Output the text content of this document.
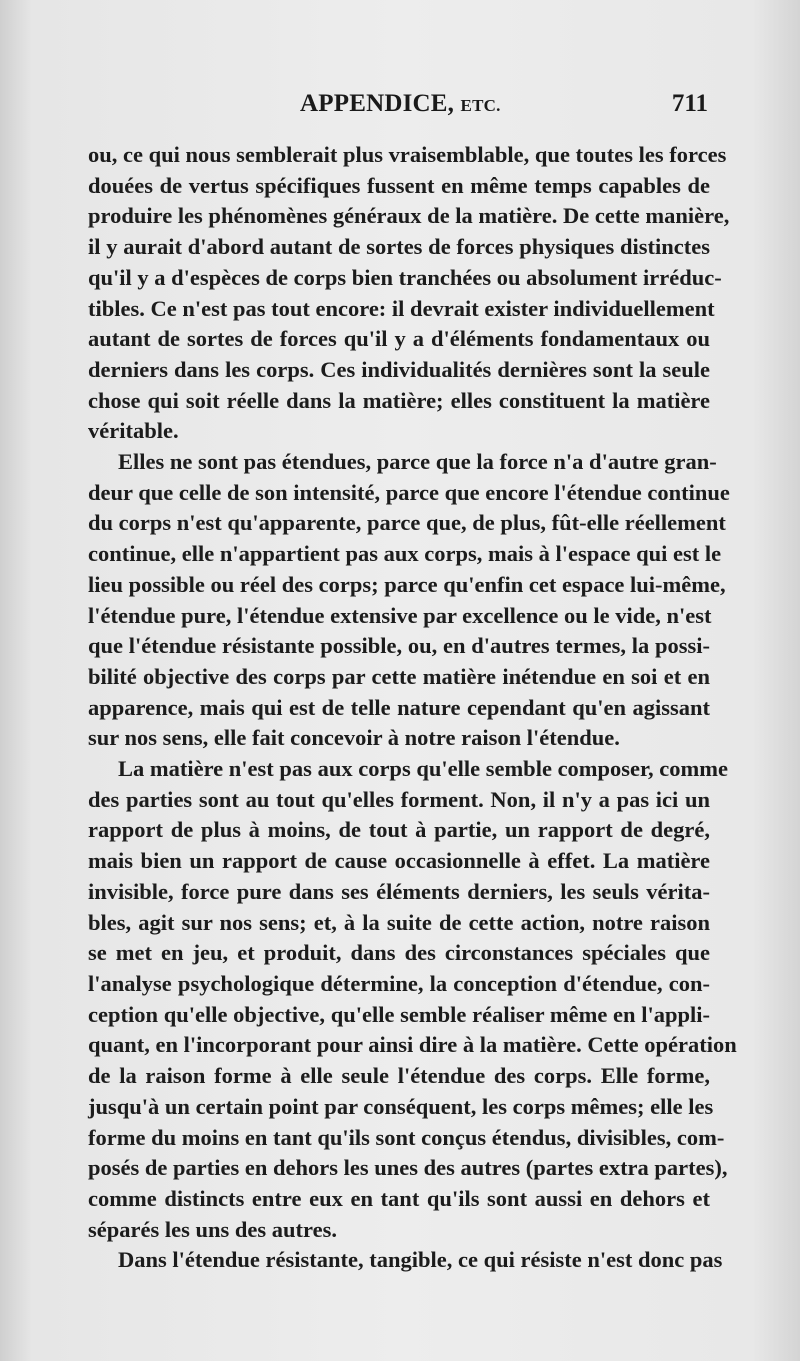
APPENDICE, ETC.	711
ou, ce qui nous semblerait plus vraisemblable, que toutes les forces
douées de vertus spécifiques fussent en même temps capables de
produire les phénomènes généraux de la matière. De cette manière,
il y aurait d'abord autant de sortes de forces physiques distinctes
qu'il y a d'espèces de corps bien tranchées ou absolument irréduc-
tibles. Ce n'est pas tout encore: il devrait exister individuellement
autant de sortes de forces qu'il y a d'éléments fondamentaux ou
derniers dans les corps. Ces individualités dernières sont la seule
chose qui soit réelle dans la matière; elles constituent la matière
véritable.
Elles ne sont pas étendues, parce que la force n'a d'autre gran-
deur que celle de son intensité, parce que encore l'étendue continue
du corps n'est qu'apparente, parce que, de plus, fût-elle réellement
continue, elle n'appartient pas aux corps, mais à l'espace qui est le
lieu possible ou réel des corps; parce qu'enfin cet espace lui-même,
l'étendue pure, l'étendue extensive par excellence ou le vide, n'est
que l'étendue résistante possible, ou, en d'autres termes, la possi-
bilité objective des corps par cette matière inétendue en soi et en
apparence, mais qui est de telle nature cependant qu'en agissant
sur nos sens, elle fait concevoir à notre raison l'étendue.
La matière n'est pas aux corps qu'elle semble composer, comme
des parties sont au tout qu'elles forment. Non, il n'y a pas ici un
rapport de plus à moins, de tout à partie, un rapport de degré,
mais bien un rapport de cause occasionnelle à effet. La matière
invisible, force pure dans ses éléments derniers, les seuls vérita-
bles, agit sur nos sens; et, à la suite de cette action, notre raison
se met en jeu, et produit, dans des circonstances spéciales que
l'analyse psychologique détermine, la conception d'étendue, con-
ception qu'elle objective, qu'elle semble réaliser même en l'appli-
quant, en l'incorporant pour ainsi dire à la matière. Cette opération
de la raison forme à elle seule l'étendue des corps. Elle forme,
jusqu'à un certain point par conséquent, les corps mêmes; elle les
forme du moins en tant qu'ils sont conçus étendus, divisibles, com-
posés de parties en dehors les unes des autres (partes extra partes),
comme distincts entre eux en tant qu'ils sont aussi en dehors et
séparés les uns des autres.
Dans l'étendue résistante, tangible, ce qui résiste n'est donc pas
